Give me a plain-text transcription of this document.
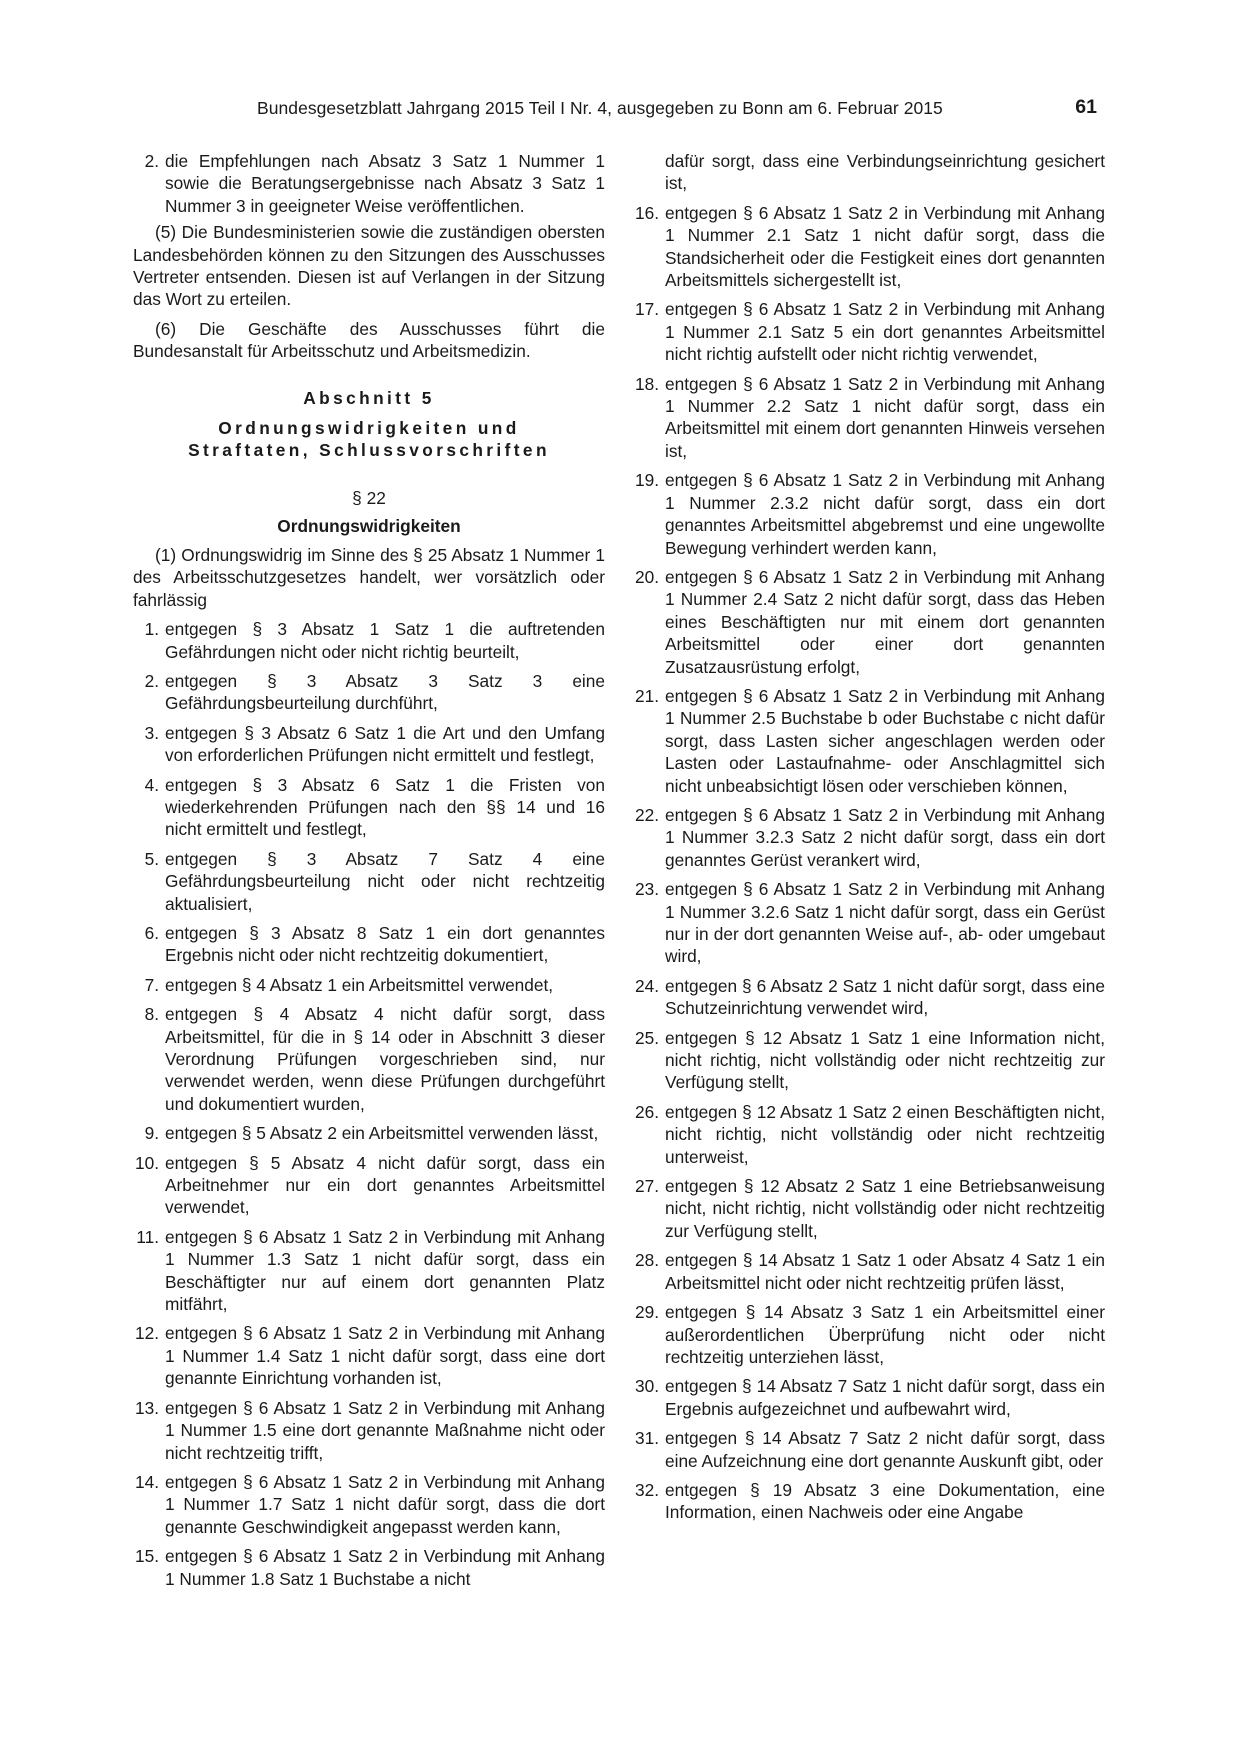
Bundesgesetzblatt Jahrgang 2015 Teil I Nr. 4, ausgegeben zu Bonn am 6. Februar 2015	61
2. die Empfehlungen nach Absatz 3 Satz 1 Nummer 1 sowie die Beratungsergebnisse nach Absatz 3 Satz 1 Nummer 3 in geeigneter Weise veröffentlichen.

(5) Die Bundesministerien sowie die zuständigen obersten Landesbehörden können zu den Sitzungen des Ausschusses Vertreter entsenden. Diesen ist auf Verlangen in der Sitzung das Wort zu erteilen.

(6) Die Geschäfte des Ausschusses führt die Bundesanstalt für Arbeitsschutz und Arbeitsmedizin.

Abschnitt 5

Ordnungswidrigkeiten und

Straftaten, Schlussvorschriften

§ 22

Ordnungswidrigkeiten

(1) Ordnungswidrig im Sinne des § 25 Absatz 1 Nummer 1 des Arbeitsschutzgesetzes handelt, wer vorsätzlich oder fahrlässig

1. entgegen § 3 Absatz 1 Satz 1 die auftretenden Gefährdungen nicht oder nicht richtig beurteilt,
2. entgegen § 3 Absatz 3 Satz 3 eine Gefährdungsbeurteilung durchführt,
3. entgegen § 3 Absatz 6 Satz 1 die Art und den Umfang von erforderlichen Prüfungen nicht ermittelt und festlegt,
4. entgegen § 3 Absatz 6 Satz 1 die Fristen von wiederkehrenden Prüfungen nach den §§ 14 und 16 nicht ermittelt und festlegt,
5. entgegen § 3 Absatz 7 Satz 4 eine Gefährdungsbeurteilung nicht oder nicht rechtzeitig aktualisiert,
6. entgegen § 3 Absatz 8 Satz 1 ein dort genanntes Ergebnis nicht oder nicht rechtzeitig dokumentiert,
7. entgegen § 4 Absatz 1 ein Arbeitsmittel verwendet,
8. entgegen § 4 Absatz 4 nicht dafür sorgt, dass Arbeitsmittel, für die in § 14 oder in Abschnitt 3 dieser Verordnung Prüfungen vorgeschrieben sind, nur verwendet werden, wenn diese Prüfungen durchgeführt und dokumentiert wurden,
9. entgegen § 5 Absatz 2 ein Arbeitsmittel verwenden lässt,
10. entgegen § 5 Absatz 4 nicht dafür sorgt, dass ein Arbeitnehmer nur ein dort genanntes Arbeitsmittel verwendet,
11. entgegen § 6 Absatz 1 Satz 2 in Verbindung mit Anhang 1 Nummer 1.3 Satz 1 nicht dafür sorgt, dass ein Beschäftigter nur auf einem dort genannten Platz mitfährt,
12. entgegen § 6 Absatz 1 Satz 2 in Verbindung mit Anhang 1 Nummer 1.4 Satz 1 nicht dafür sorgt, dass eine dort genannte Einrichtung vorhanden ist,
13. entgegen § 6 Absatz 1 Satz 2 in Verbindung mit Anhang 1 Nummer 1.5 eine dort genannte Maßnahme nicht oder nicht rechtzeitig trifft,
14. entgegen § 6 Absatz 1 Satz 2 in Verbindung mit Anhang 1 Nummer 1.7 Satz 1 nicht dafür sorgt, dass die dort genannte Geschwindigkeit angepasst werden kann,
15. entgegen § 6 Absatz 1 Satz 2 in Verbindung mit Anhang 1 Nummer 1.8 Satz 1 Buchstabe a nicht

dafür sorgt, dass eine Verbindungseinrichtung gesichert ist,

16. entgegen § 6 Absatz 1 Satz 2 in Verbindung mit Anhang 1 Nummer 2.1 Satz 1 nicht dafür sorgt, dass die Standsicherheit oder die Festigkeit eines dort genannten Arbeitsmittels sichergestellt ist,
17. entgegen § 6 Absatz 1 Satz 2 in Verbindung mit Anhang 1 Nummer 2.1 Satz 5 ein dort genanntes Arbeitsmittel nicht richtig aufstellt oder nicht richtig verwendet,
18. entgegen § 6 Absatz 1 Satz 2 in Verbindung mit Anhang 1 Nummer 2.2 Satz 1 nicht dafür sorgt, dass ein Arbeitsmittel mit einem dort genannten Hinweis versehen ist,
19. entgegen § 6 Absatz 1 Satz 2 in Verbindung mit Anhang 1 Nummer 2.3.2 nicht dafür sorgt, dass ein dort genanntes Arbeitsmittel abgebremst und eine ungewollte Bewegung verhindert werden kann,
20. entgegen § 6 Absatz 1 Satz 2 in Verbindung mit Anhang 1 Nummer 2.4 Satz 2 nicht dafür sorgt, dass das Heben eines Beschäftigten nur mit einem dort genannten Arbeitsmittel oder einer dort genannten Zusatzausrüstung erfolgt,
21. entgegen § 6 Absatz 1 Satz 2 in Verbindung mit Anhang 1 Nummer 2.5 Buchstabe b oder Buchstabe c nicht dafür sorgt, dass Lasten sicher angeschlagen werden oder Lasten oder Lastaufnahme- oder Anschlagmittel sich nicht unbeabsichtigt lösen oder verschieben können,
22. entgegen § 6 Absatz 1 Satz 2 in Verbindung mit Anhang 1 Nummer 3.2.3 Satz 2 nicht dafür sorgt, dass ein dort genanntes Gerüst verankert wird,
23. entgegen § 6 Absatz 1 Satz 2 in Verbindung mit Anhang 1 Nummer 3.2.6 Satz 1 nicht dafür sorgt, dass ein Gerüst nur in der dort genannten Weise auf-, ab- oder umgebaut wird,
24. entgegen § 6 Absatz 2 Satz 1 nicht dafür sorgt, dass eine Schutzeinrichtung verwendet wird,
25. entgegen § 12 Absatz 1 Satz 1 eine Information nicht, nicht richtig, nicht vollständig oder nicht rechtzeitig zur Verfügung stellt,
26. entgegen § 12 Absatz 1 Satz 2 einen Beschäftigten nicht, nicht richtig, nicht vollständig oder nicht rechtzeitig unterweist,
27. entgegen § 12 Absatz 2 Satz 1 eine Betriebsanweisung nicht, nicht richtig, nicht vollständig oder nicht rechtzeitig zur Verfügung stellt,
28. entgegen § 14 Absatz 1 Satz 1 oder Absatz 4 Satz 1 ein Arbeitsmittel nicht oder nicht rechtzeitig prüfen lässt,
29. entgegen § 14 Absatz 3 Satz 1 ein Arbeitsmittel einer außerordentlichen Überprüfung nicht oder nicht rechtzeitig unterziehen lässt,
30. entgegen § 14 Absatz 7 Satz 1 nicht dafür sorgt, dass ein Ergebnis aufgezeichnet und aufbewahrt wird,
31. entgegen § 14 Absatz 7 Satz 2 nicht dafür sorgt, dass eine Aufzeichnung eine dort genannte Auskunft gibt, oder
32. entgegen § 19 Absatz 3 eine Dokumentation, eine Information, einen Nachweis oder eine Angabe
